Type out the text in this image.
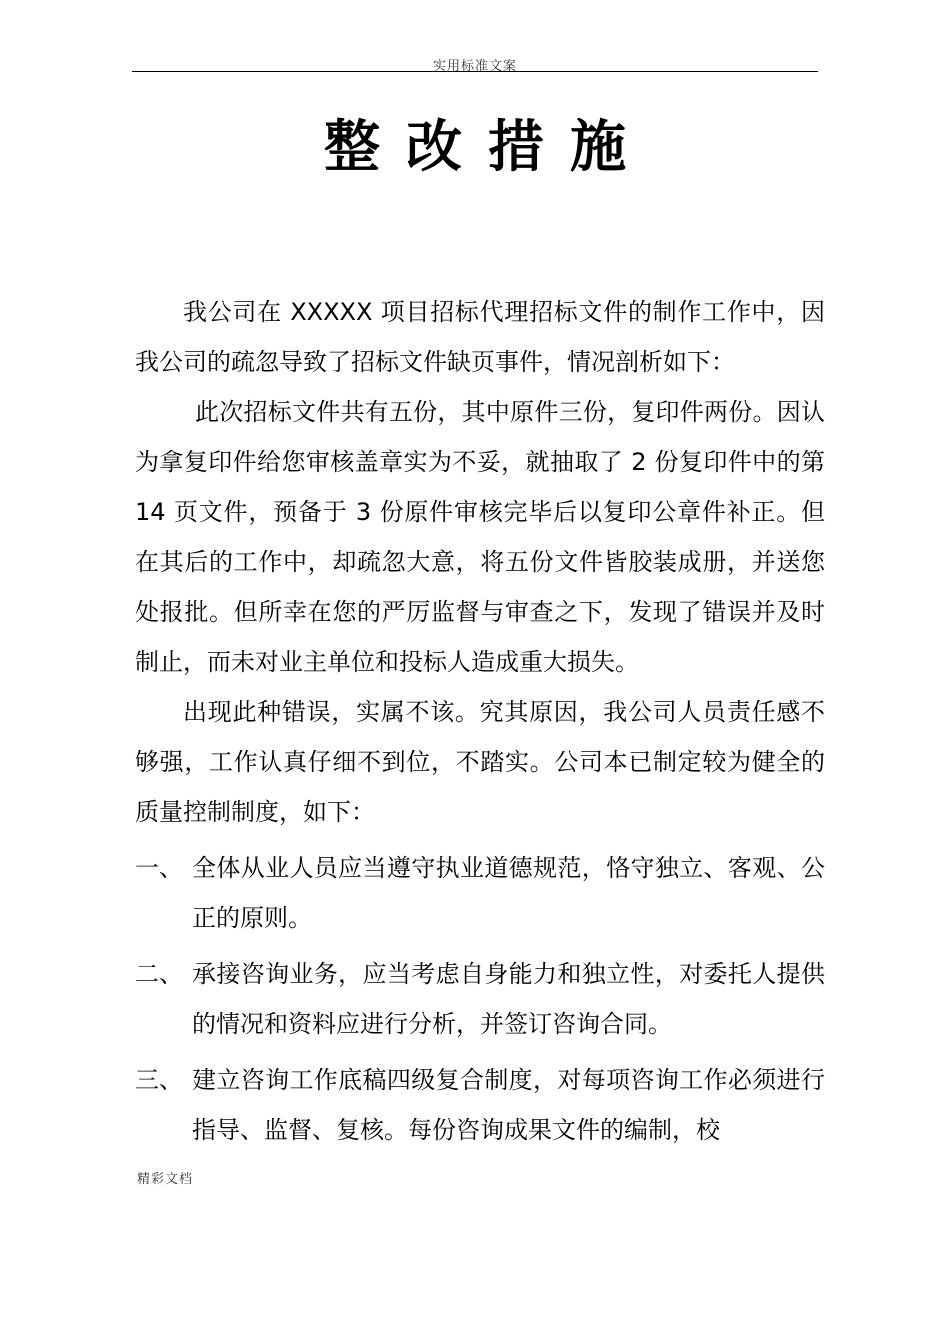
实用标准文案
整改措施

我公司在 XXXXX 项目招标代理招标文件的制作工作中，因我公司的疏忽导致了招标文件缺页事件，情况剖析如下：

此次招标文件共有五份，其中原件三份，复印件两份。因认为拿复印件给您审核盖章实为不妥，就抽取了 2 份复印件中的第 14 页文件，预备于 3 份原件审核完毕后以复印公章件补正。但在其后的工作中，却疏忽大意，将五份文件皆胶装成册，并送您处报批。但所幸在您的严厉监督与审查之下，发现了错误并及时制止，而未对业主单位和投标人造成重大损失。

出现此种错误，实属不该。究其原因，我公司人员责任感不够强，工作认真仔细不到位，不踏实。公司本已制定较为健全的质量控制制度，如下：

一、 全体从业人员应当遵守执业道德规范，恪守独立、客观、公正的原则。
二、 承接咨询业务，应当考虑自身能力和独立性，对委托人提供的情况和资料应进行分析，并签订咨询合同。
三、 建立咨询工作底稿四级复合制度，对每项咨询工作必须进行指导、监督、复核。每份咨询成果文件的编制，校
精彩文档
